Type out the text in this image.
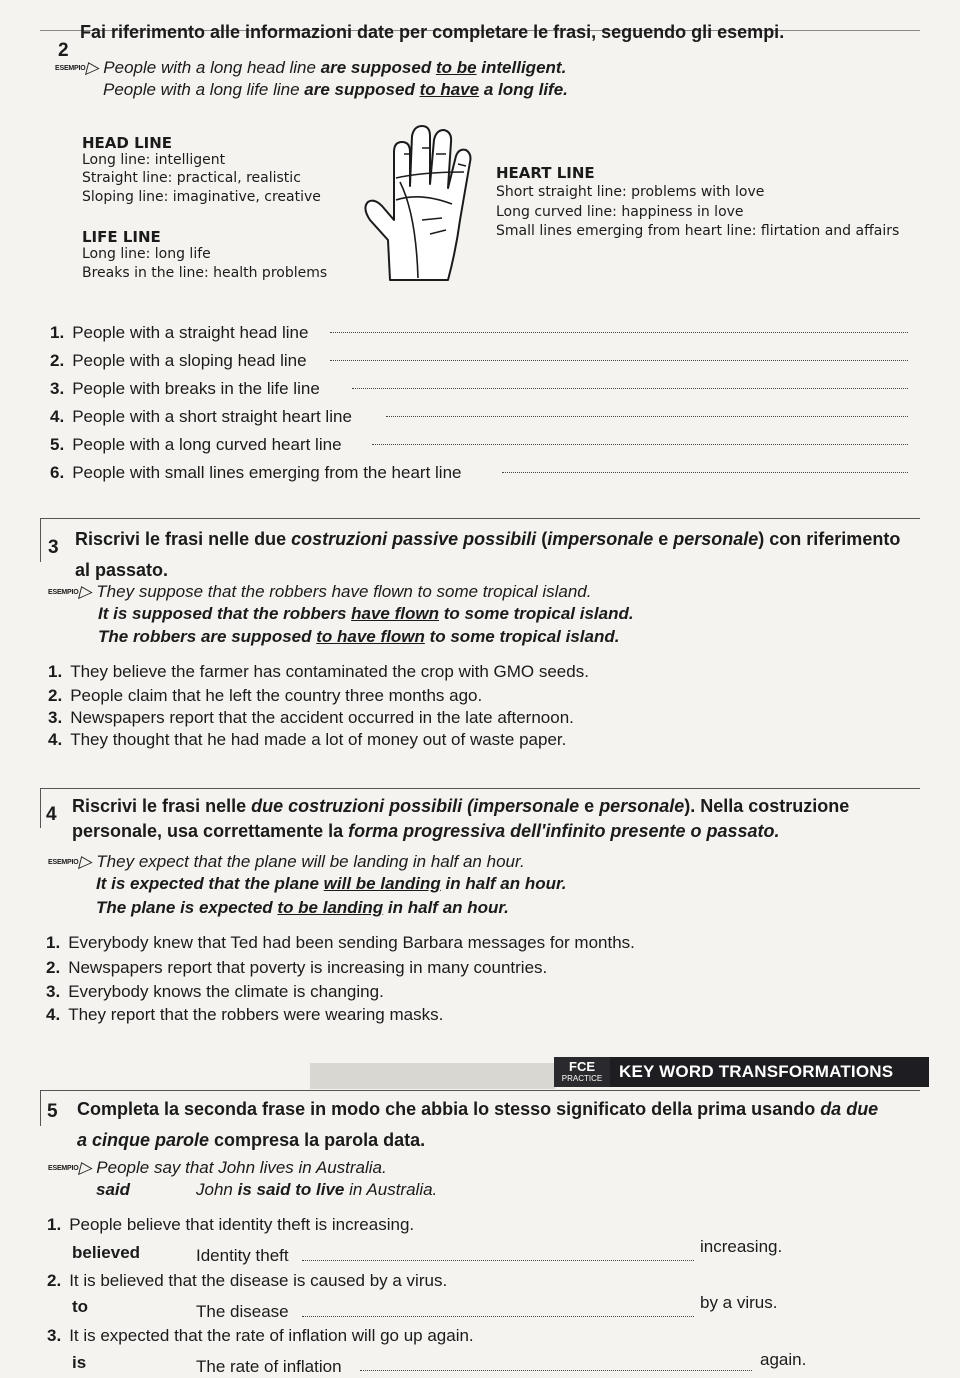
2
Fai riferimento alle informazioni date per completare le frasi, seguendo gli esempi.
ESEMPIO▷ People with a long head line are supposed to be intelligent.
People with a long life line are supposed to have a long life.
HEAD LINE
Long line: intelligent
Straight line: practical, realistic
Sloping line: imaginative, creative
LIFE LINE
Long line: long life
Breaks in the line: health problems
HEART LINE
Short straight line: problems with love
Long curved line: happiness in love
Small lines emerging from heart line: flirtation and affairs
1. People with a straight head line
2. People with a sloping head line
3. People with breaks in the life line
4. People with a short straight heart line
5. People with a long curved heart line
6. People with small lines emerging from the heart line
3 Riscrivi le frasi nelle due costruzioni passive possibili (impersonale e personale) con riferimento
al passato.
ESEMPIO▷ They suppose that the robbers have flown to some tropical island.
It is supposed that the robbers have flown to some tropical island.
The robbers are supposed to have flown to some tropical island.
1. They believe the farmer has contaminated the crop with GMO seeds.
2. People claim that he left the country three months ago.
3. Newspapers report that the accident occurred in the late afternoon.
4. They thought that he had made a lot of money out of waste paper.
4 Riscrivi le frasi nelle due costruzioni possibili (impersonale e personale). Nella costruzione
personale, usa correttamente la forma progressiva dell'infinito presente o passato.
ESEMPIO▷ They expect that the plane will be landing in half an hour.
It is expected that the plane will be landing in half an hour.
The plane is expected to be landing in half an hour.
1. Everybody knew that Ted had been sending Barbara messages for months.
2. Newspapers report that poverty is increasing in many countries.
3. Everybody knows the climate is changing.
4. They report that the robbers were wearing masks.
FCE
PRACTICE KEY WORD TRANSFORMATIONS
5 Completa la seconda frase in modo che abbia lo stesso significato della prima usando da due
a cinque parole compresa la parola data.
ESEMPIO▷ People say that John lives in Australia.
said	John is said to live in Australia.
1. People believe that identity theft is increasing.
believed	Identity theft	increasing.
2. It is believed that the disease is caused by a virus.
to	The disease	by a virus.
3. It is expected that the rate of inflation will go up again.
is	The rate of inflation	again.
